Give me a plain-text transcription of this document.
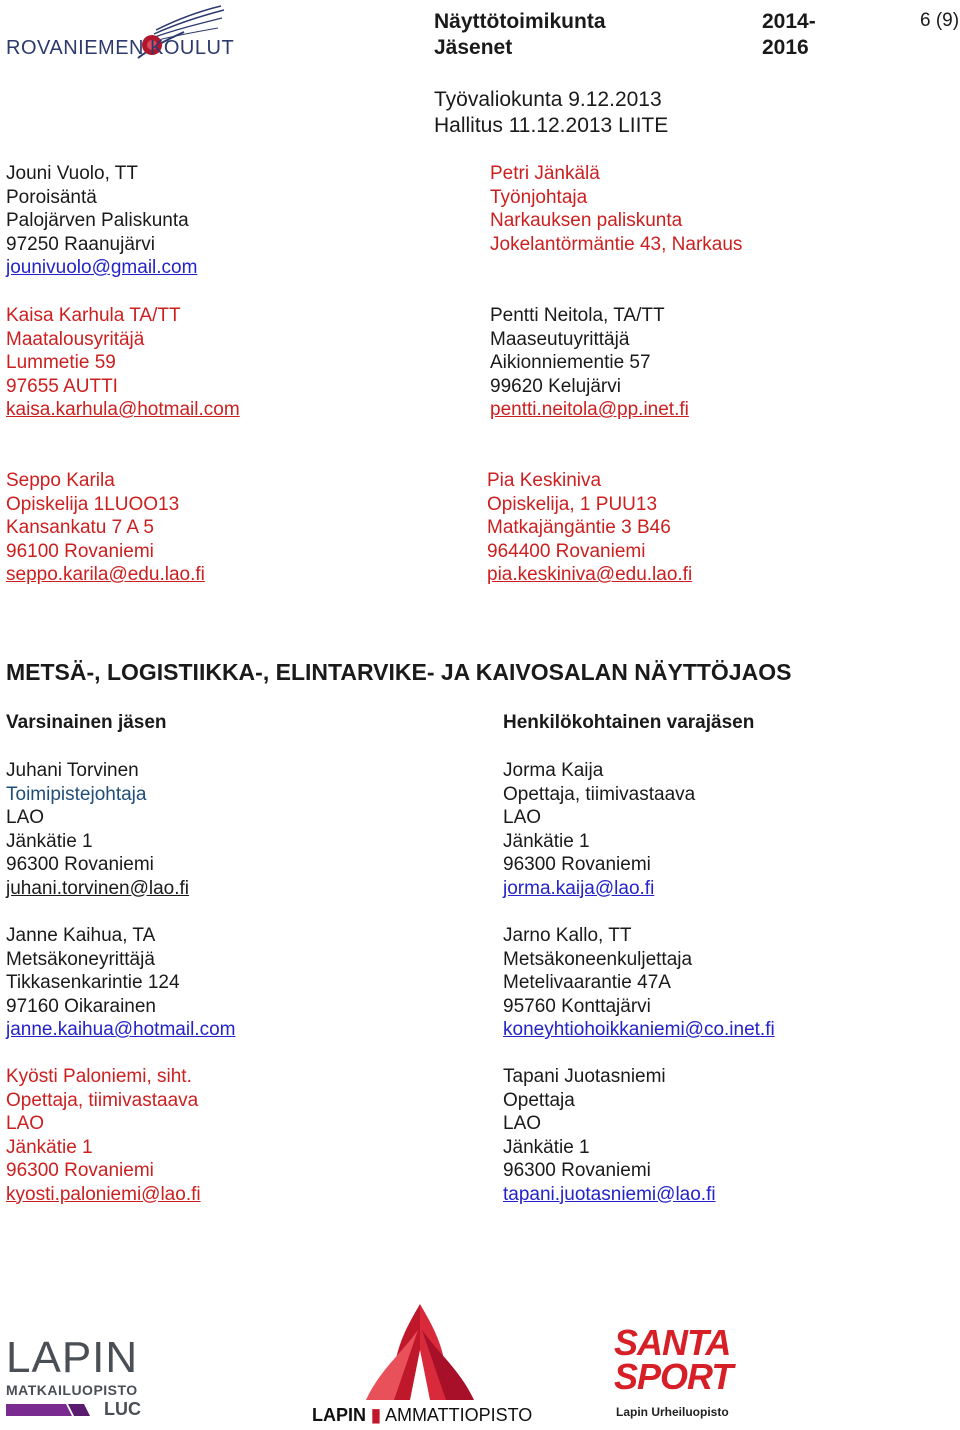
ROVANIEMEN KOULUT
Näyttötoimikunta
Jäsenet
2014-
2016
6 (9)
Työvaliokunta 9.12.2013
Hallitus 11.12.2013 LIITE
Jouni Vuolo, TT
Poroisäntä
Palojärven Paliskunta
97250 Raanujärvi
jounivuolo@gmail.com
Petri Jänkälä
Työnjohtaja
Narkauksen paliskunta
Jokelantörmäntie 43, Narkaus
Kaisa Karhula TA/TT
Maatalousyritäjä
Lummetie 59
97655 AUTTI
kaisa.karhula@hotmail.com
Pentti Neitola, TA/TT
Maaseutuyrittäjä
Aikionniementie 57
99620 Kelujärvi
pentti.neitola@pp.inet.fi
Seppo Karila
Opiskelija 1LUOO13
Kansankatu 7 A 5
96100 Rovaniemi
seppo.karila@edu.lao.fi
Pia Keskiniva
Opiskelija, 1 PUU13
Matkajängäntie 3 B46
964400 Rovaniemi
pia.keskiniva@edu.lao.fi
METSÄ-, LOGISTIIKKA-, ELINTARVIKE- JA KAIVOSALAN NÄYTTÖJAOS
Varsinainen jäsen	Henkilökohtainen varajäsen
Juhani Torvinen
Toimipistejohtaja
LAO
Jänkätie 1
96300 Rovaniemi
juhani.torvinen@lao.fi
Jorma Kaija
Opettaja, tiimivastaava
LAO
Jänkätie 1
96300 Rovaniemi
jorma.kaija@lao.fi
Janne Kaihua, TA
Metsäkoneyrittäjä
Tikkasenkarintie 124
97160 Oikarainen
janne.kaihua@hotmail.com
Jarno Kallo, TT
Metsäkoneenkuljettaja
Metelivaarantie 47A
95760 Konttajärvi
koneyhtiohoikkaniemi@co.inet.fi
Kyösti Paloniemi, siht.
Opettaja, tiimivastaava
LAO
Jänkätie 1
96300 Rovaniemi
kyosti.paloniemi@lao.fi
Tapani Juotasniemi
Opettaja
LAO
Jänkätie 1
96300 Rovaniemi
tapani.juotasniemi@lao.fi
LAPIN
MATKAILUOPISTO
LUC	LAPIN ▮ AMMATTIOPISTO
SANTA
SPORT
Lapin Urheiluopisto
